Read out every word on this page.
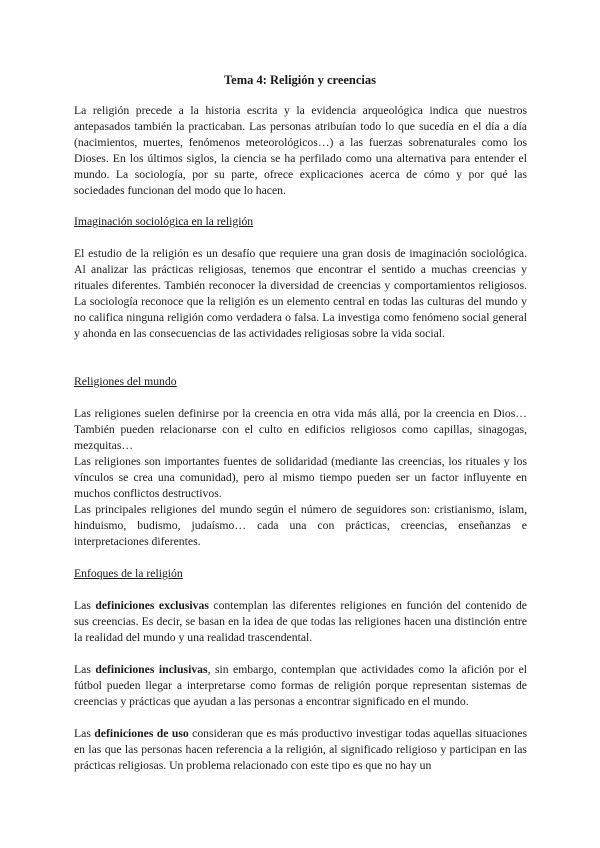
Tema 4: Religión y creencias

La religión precede a la historia escrita y la evidencia arqueológica indica que nuestros antepasados también la practicaban. Las personas atribuían todo lo que sucedía en el día a día (nacimientos, muertes, fenómenos meteorológicos…) a las fuerzas sobrenaturales como los Dioses. En los últimos siglos, la ciencia se ha perfilado como una alternativa para entender el mundo. La sociología, por su parte, ofrece explicaciones acerca de cómo y por qué las sociedades funcionan del modo que lo hacen.

Imaginación sociológica en la religión

El estudio de la religión es un desafío que requiere una gran dosis de imaginación sociológica. Al analizar las prácticas religiosas, tenemos que encontrar el sentido a muchas creencias y rituales diferentes. También reconocer la diversidad de creencias y comportamientos religiosos. La sociología reconoce que la religión es un elemento central en todas las culturas del mundo y no califica ninguna religión como verdadera o falsa. La investiga como fenómeno social general y ahonda en las consecuencias de las actividades religiosas sobre la vida social.

Religiones del mundo

Las religiones suelen definirse por la creencia en otra vida más allá, por la creencia en Dios… También pueden relacionarse con el culto en edificios religiosos como capillas, sinagogas, mezquitas…

Las religiones son importantes fuentes de solidaridad (mediante las creencias, los rituales y los vínculos se crea una comunidad), pero al mismo tiempo pueden ser un factor influyente en muchos conflictos destructivos.

Las principales religiones del mundo según el número de seguidores son: cristianismo, islam, hinduismo, budismo, judaísmo… cada una con prácticas, creencias, enseñanzas e interpretaciones diferentes.

Enfoques de la religión

Las definiciones exclusivas contemplan las diferentes religiones en función del contenido de sus creencias. Es decir, se basan en la idea de que todas las religiones hacen una distinción entre la realidad del mundo y una realidad trascendental.

Las definiciones inclusivas, sin embargo, contemplan que actividades como la afición por el fútbol pueden llegar a interpretarse como formas de religión porque representan sistemas de creencias y prácticas que ayudan a las personas a encontrar significado en el mundo.

Las definiciones de uso consideran que es más productivo investigar todas aquellas situaciones en las que las personas hacen referencia a la religión, al significado religioso y participan en las prácticas religiosas. Un problema relacionado con este tipo es que no hay un
